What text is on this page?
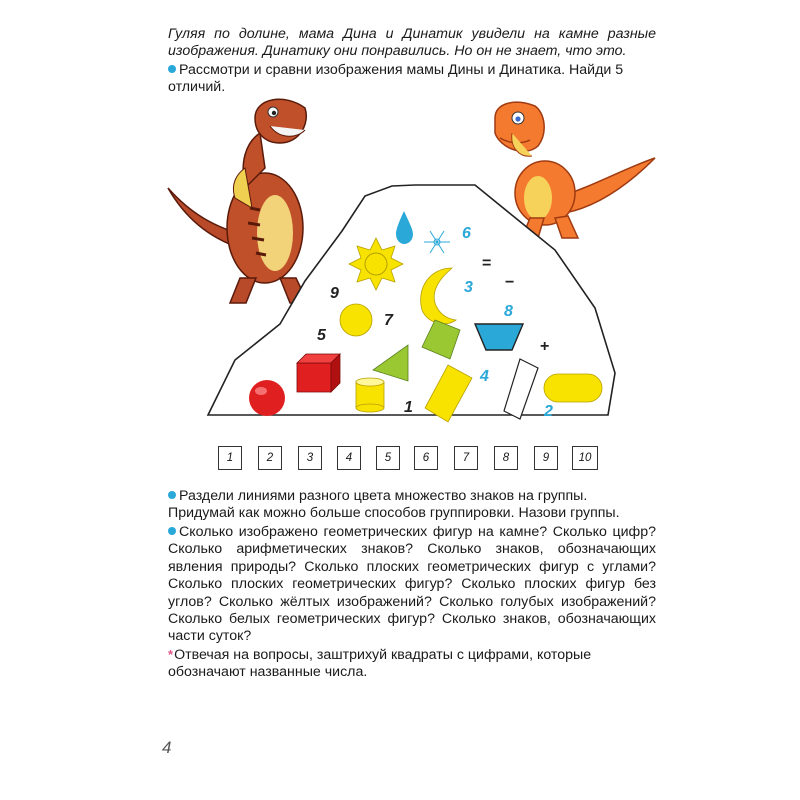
Гуляя по долине, мама Дина и Динатик увидели на камне разные изображения. Динатику они понравились. Но он не знает, что это.

Рассмотри и сравни изображения мамы Дины и Динатика. Найди 5 отличий.

9
7
5
3
6
8
4
1	2
=
−
+
1	2	3	4	5	6	7	8	9	10

Раздели линиями разного цвета множество знаков на группы. Придумай как можно больше способов группировки. Назови группы.

Сколько изображено геометрических фигур на камне? Сколько цифр? Сколько арифметических знаков? Сколько знаков, обозначающих явления природы? Сколько плоских геометрических фигур с углами? Сколько плоских геометрических фигур? Сколько плоских фигур без углов? Сколько жёлтых изображений? Сколько голубых изображений? Сколько белых геометрических фигур? Сколько знаков, обозначающих части суток?

*Отвечая на вопросы, заштрихуй квадраты с цифрами, которые обозначают названные числа.

4
